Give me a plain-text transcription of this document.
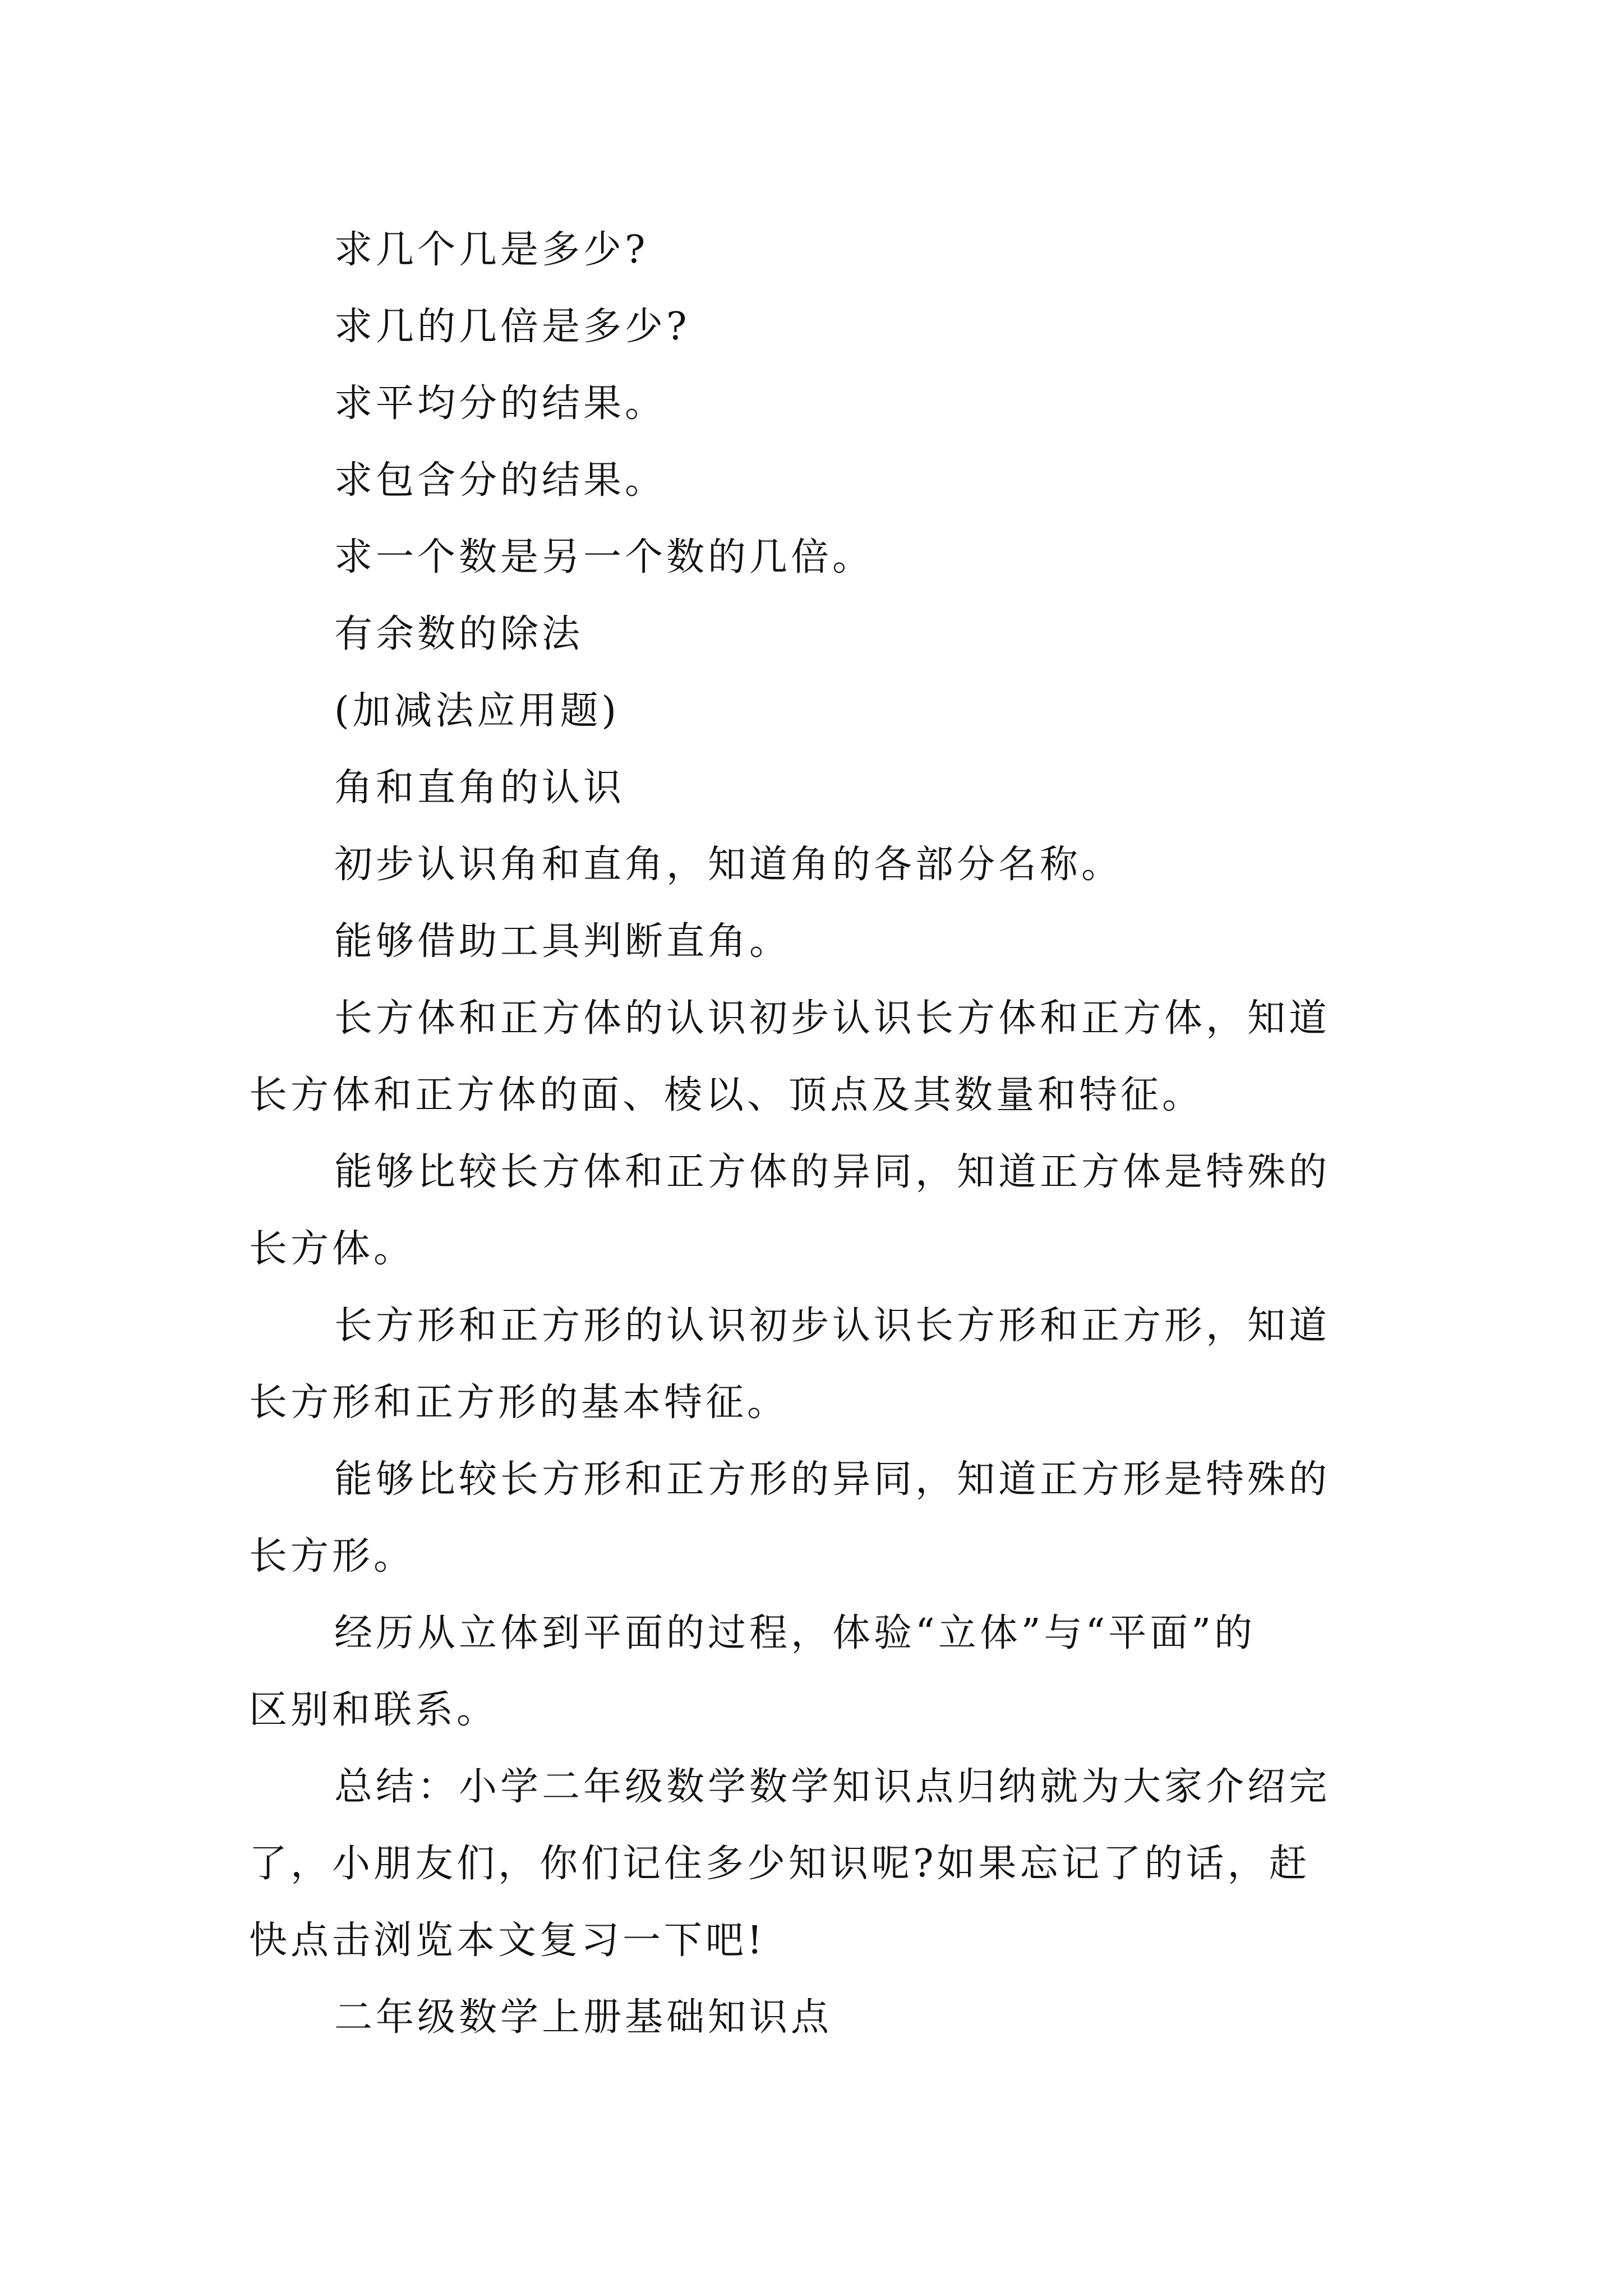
求几个几是多少?

求几的几倍是多少?

求平均分的结果。

求包含分的结果。

求一个数是另一个数的几倍。

有余数的除法

(加减法应用题)

角和直角的认识

初步认识角和直角，知道角的各部分名称。

能够借助工具判断直角。

长方体和正方体的认识初步认识长方体和正方体，知道
长方体和正方体的面、棱以、顶点及其数量和特征。

能够比较长方体和正方体的异同，知道正方体是特殊的
长方体。

长方形和正方形的认识初步认识长方形和正方形，知道
长方形和正方形的基本特征。

能够比较长方形和正方形的异同，知道正方形是特殊的
长方形。

经历从立体到平面的过程，体验“立体”与“平面”的
区别和联系。

总结：小学二年级数学数学知识点归纳就为大家介绍完
了，小朋友们，你们记住多少知识呢?如果忘记了的话，赶
快点击浏览本文复习一下吧!

二年级数学上册基础知识点
